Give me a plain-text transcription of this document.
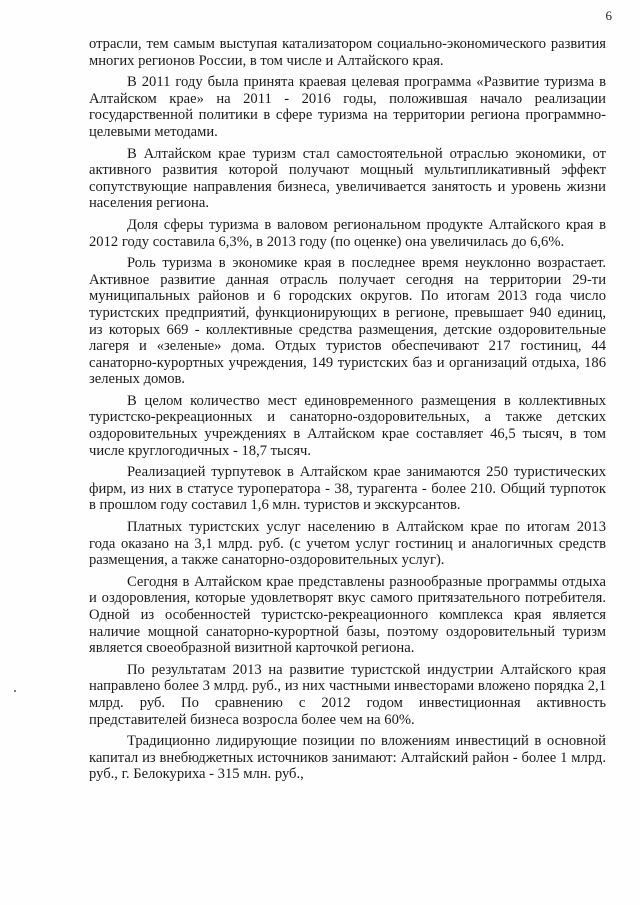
6

отрасли, тем самым выступая катализатором социально-экономического развития многих регионов России, в том числе и Алтайского края.

В 2011 году была принята краевая целевая программа «Развитие туризма в Алтайском крае» на 2011 - 2016 годы, положившая начало реализации государственной политики в сфере туризма на территории региона программно-целевыми методами.

В Алтайском крае туризм стал самостоятельной отраслью экономики, от активного развития которой получают мощный мультипликативный эффект сопутствующие направления бизнеса, увеличивается занятость и уровень жизни населения региона.

Доля сферы туризма в валовом региональном продукте Алтайского края в 2012 году составила 6,3%, в 2013 году (по оценке) она увеличилась до 6,6%.

Роль туризма в экономике края в последнее время неуклонно возрастает. Активное развитие данная отрасль получает сегодня на территории 29-ти муниципальных районов и 6 городских округов. По итогам 2013 года число туристских предприятий, функционирующих в регионе, превышает 940 единиц, из которых 669 - коллективные средства размещения, детские оздоровительные лагеря и «зеленые» дома. Отдых туристов обеспечивают 217 гостиниц, 44 санаторно-курортных учреждения, 149 туристских баз и организаций отдыха, 186 зеленых домов.

В целом количество мест единовременного размещения в коллективных туристско-рекреационных и санаторно-оздоровительных, а также детских оздоровительных учреждениях в Алтайском крае составляет 46,5 тысяч, в том числе круглогодичных - 18,7 тысяч.

Реализацией турпутевок в Алтайском крае занимаются 250 туристических фирм, из них в статусе туроператора - 38, турагента - более 210. Общий турпоток в прошлом году составил 1,6 млн. туристов и экскурсантов.

Платных туристских услуг населению в Алтайском крае по итогам 2013 года оказано на 3,1 млрд. руб. (с учетом услуг гостиниц и аналогичных средств размещения, а также санаторно-оздоровительных услуг).

Сегодня в Алтайском крае представлены разнообразные программы отдыха и оздоровления, которые удовлетворят вкус самого притязательного потребителя. Одной из особенностей туристско-рекреационного комплекса края является наличие мощной санаторно-курортной базы, поэтому оздоровительный туризм является своеобразной визитной карточкой региона.

По результатам 2013 на развитие туристской индустрии Алтайского края направлено более 3 млрд. руб., из них частными инвесторами вложено порядка 2,1 млрд. руб. По сравнению с 2012 годом инвестиционная активность представителей бизнеса возросла более чем на 60%.

Традиционно лидирующие позиции по вложениям инвестиций в основной капитал из внебюджетных источников занимают: Алтайский район - более 1 млрд. руб., г. Белокуриха - 315 млн. руб.,
